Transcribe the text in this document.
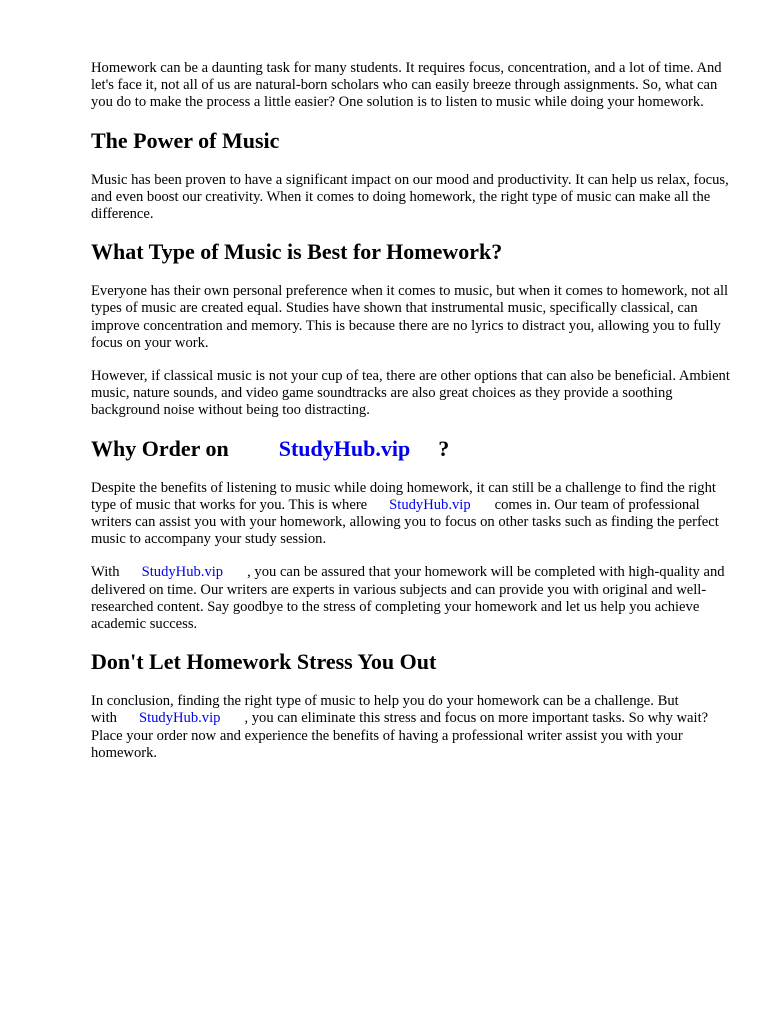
Homework can be a daunting task for many students. It requires focus, concentration, and a lot of time. And let's face it, not all of us are natural-born scholars who can easily breeze through assignments. So, what can you do to make the process a little easier? One solution is to listen to music while doing your homework.

The Power of Music

Music has been proven to have a significant impact on our mood and productivity. It can help us relax, focus, and even boost our creativity. When it comes to doing homework, the right type of music can make all the difference.

What Type of Music is Best for Homework?

Everyone has their own personal preference when it comes to music, but when it comes to homework, not all types of music are created equal. Studies have shown that instrumental music, specifically classical, can improve concentration and memory. This is because there are no lyrics to distract you, allowing you to fully focus on your work.

However, if classical music is not your cup of tea, there are other options that can also be beneficial. Ambient music, nature sounds, and video game soundtracks are also great choices as they provide a soothing background noise without being too distracting.

Why Order on StudyHub.vip ?

Despite the benefits of listening to music while doing homework, it can still be a challenge to find the right type of music that works for you. This is where StudyHub.vip comes in. Our team of professional writers can assist you with your homework, allowing you to focus on other tasks such as finding the perfect music to accompany your study session.

With StudyHub.vip , you can be assured that your homework will be completed with high-quality and delivered on time. Our writers are experts in various subjects and can provide you with original and well-researched content. Say goodbye to the stress of completing your homework and let us help you achieve academic success.

Don't Let Homework Stress You Out

In conclusion, finding the right type of music to help you do your homework can be a challenge. But with StudyHub.vip , you can eliminate this stress and focus on more important tasks. So why wait? Place your order now and experience the benefits of having a professional writer assist you with your homework.
